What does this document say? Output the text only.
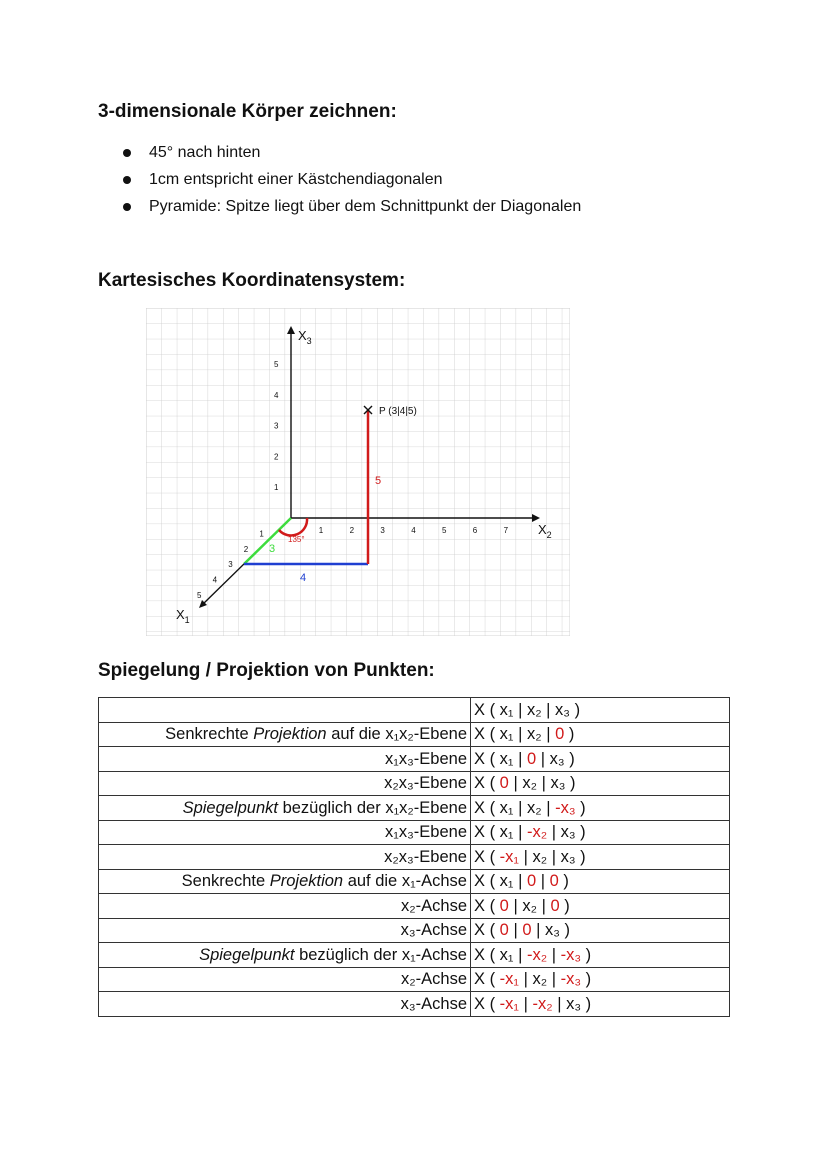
3-dimensionale Körper zeichnen:
45° nach hinten
1cm entspricht einer Kästchendiagonalen
Pyramide: Spitze liegt über dem Schnittpunkt der Diagonalen
Kartesisches Koordinatensystem:
$X_3$
$X_2$
$X_1$
1
2
3
4
5
1	2	3	4	5	6	7
1
2
3
4
5
135°
3
4
5
P (3|4|5)
Spiegelung / Projektion von Punkten:
	X ( x₁ | x₂ | x₃ )
Senkrechte Projektion auf die x₁x₂-Ebene	X ( x₁ | x₂ | 0 )
x₁x₃-Ebene	X ( x₁ | 0 | x₃ )
x₂x₃-Ebene	X ( 0 | x₂ | x₃ )
Spiegelpunkt bezüglich der x₁x₂-Ebene	X ( x₁ | x₂ | -x₃ )
x₁x₃-Ebene	X ( x₁ | -x₂ | x₃ )
x₂x₃-Ebene	X ( -x₁ | x₂ | x₃ )
Senkrechte Projektion auf die x₁-Achse	X ( x₁ | 0 | 0 )
x₂-Achse	X ( 0 | x₂ | 0 )
x₃-Achse	X ( 0 | 0 | x₃ )
Spiegelpunkt bezüglich der x₁-Achse	X ( x₁ | -x₂ | -x₃ )
x₂-Achse	X ( -x₁ | x₂ | -x₃ )
x₃-Achse	X ( -x₁ | -x₂ | x₃ )
